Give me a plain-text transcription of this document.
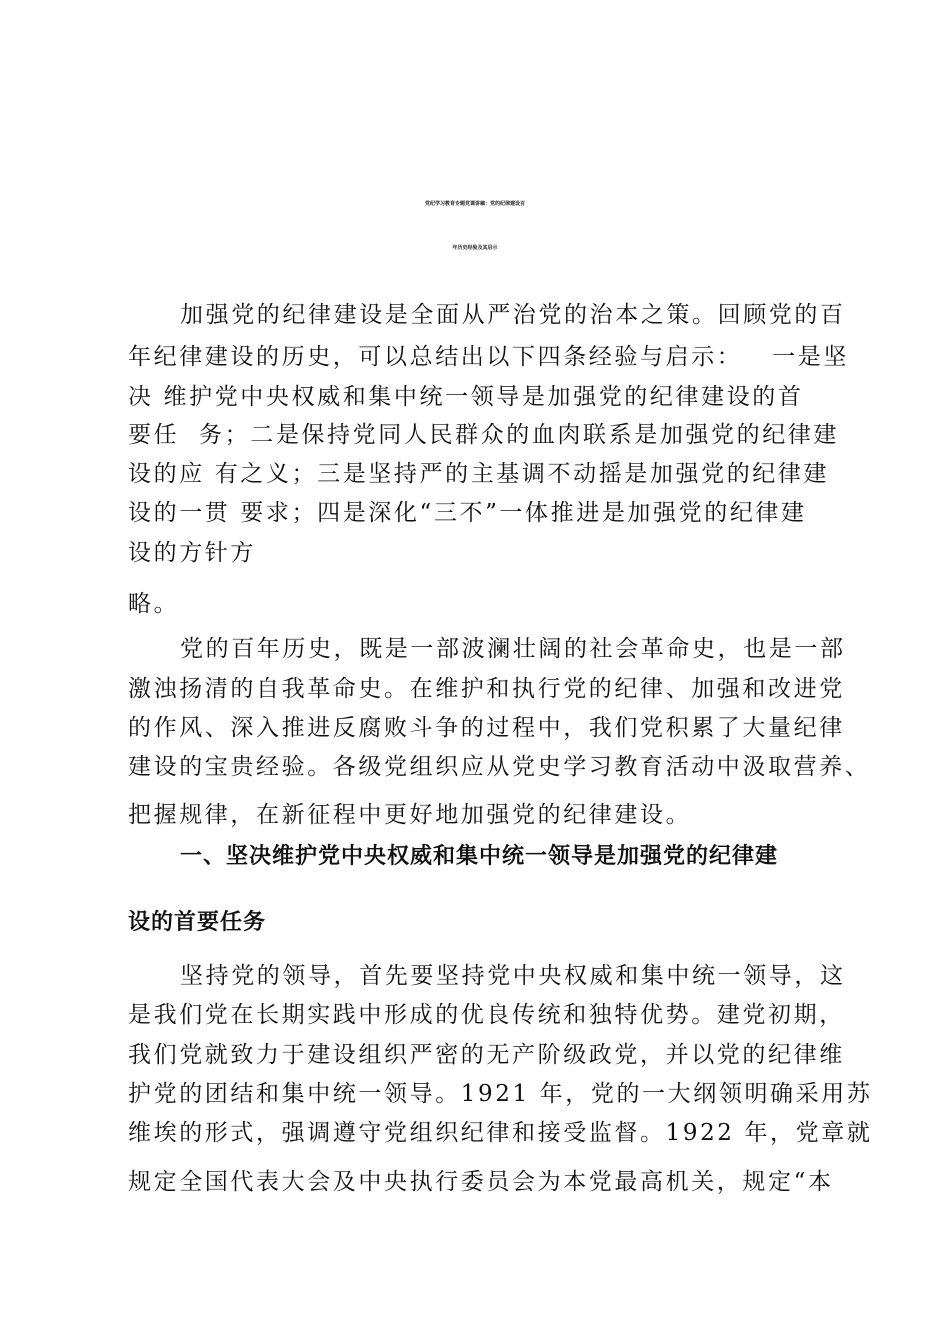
党纪学习教育专题党课讲稿：党的纪律建设百
年历史经验及其启示
加强党的纪律建设是全面从严治党的治本之策。回顾党的百
年纪律建设的历史，可以总结出以下四条经验与启示：   一是坚
决 维护党中央权威和集中统一领导是加强党的纪律建设的首
要任  务；二是保持党同人民群众的血肉联系是加强党的纪律建
设的应 有之义；三是坚持严的主基调不动摇是加强党的纪律建
设的一贯 要求；四是深化“三不”一体推进是加强党的纪律建
设的方针方
略。
党的百年历史，既是一部波澜壮阔的社会革命史，也是一部
激浊扬清的自我革命史。在维护和执行党的纪律、加强和改进党
的作风、深入推进反腐败斗争的过程中，我们党积累了大量纪律
建设的宝贵经验。各级党组织应从党史学习教育活动中汲取营养、
把握规律，在新征程中更好地加强党的纪律建设。
一、坚决维护党中央权威和集中统一领导是加强党的纪律建
设的首要任务
坚持党的领导，首先要坚持党中央权威和集中统一领导，这
是我们党在长期实践中形成的优良传统和独特优势。建党初期，
我们党就致力于建设组织严密的无产阶级政党，并以党的纪律维
护党的团结和集中统一领导。1921 年，党的一大纲领明确采用苏
维埃的形式，强调遵守党组织纪律和接受监督。1922 年，党章就
规定全国代表大会及中央执行委员会为本党最高机关，规定“本
